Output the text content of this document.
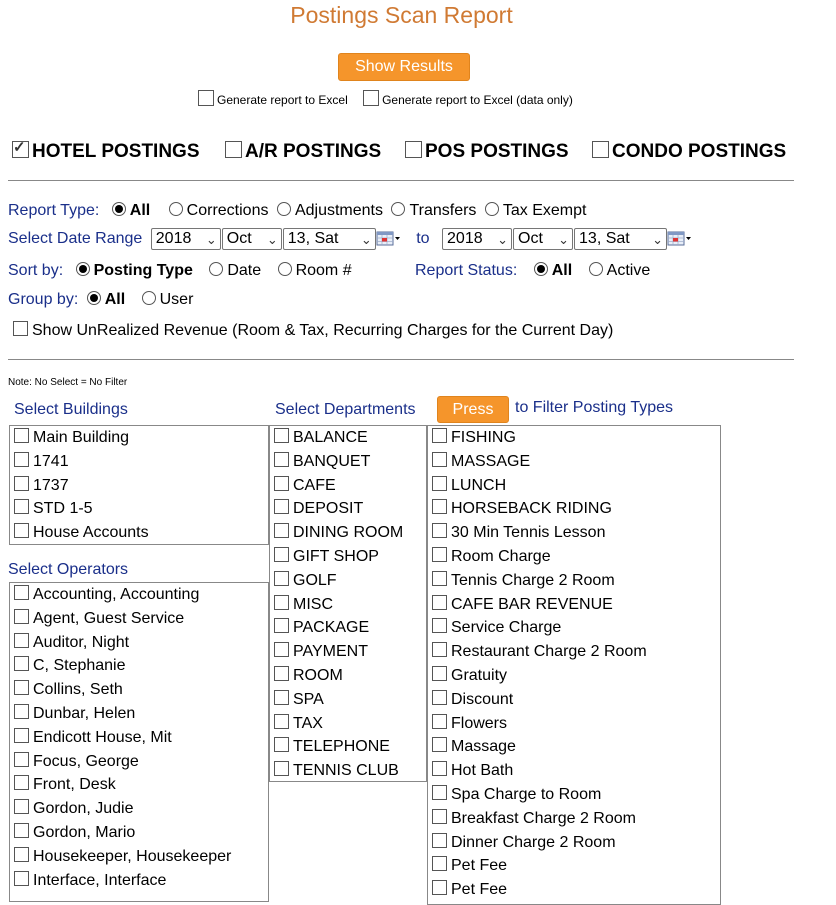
Postings Scan Report
Show Results
Generate report to Excel	Generate report to Excel (data only)
✓HOTEL POSTINGS	A/R POSTINGS	POS POSTINGS	CONDO POSTINGS
Report Type: All Corrections Adjustments Transfers Tax Exempt
Select Date Range 2018 ⌄ Oct ⌄ 13, Sat ⌄	to 2018 ⌄ Oct ⌄ 13, Sat ⌄
Sort by: Posting Type Date Room #	Report Status: All Active
Group by: All User
Show UnRealized Revenue (Room & Tax, Recurring Charges for the Current Day)
Note: No Select = No Filter
Select Buildings
Main Building
1741
1737
STD 1-5
House Accounts
Select Operators
Accounting, Accounting
Agent, Guest Service
Auditor, Night
C, Stephanie
Collins, Seth
Dunbar, Helen
Endicott House, Mit
Focus, George
Front, Desk
Gordon, Judie
Gordon, Mario
Housekeeper, Housekeeper
Interface, Interface
Select Departments
BALANCE
BANQUET
CAFE
DEPOSIT
DINING ROOM
GIFT SHOP
GOLF
MISC
PACKAGE
PAYMENT
ROOM
SPA
TAX
TELEPHONE
TENNIS CLUB
Press	to Filter Posting Types
FISHING
MASSAGE
LUNCH
HORSEBACK RIDING
30 Min Tennis Lesson
Room Charge
Tennis Charge 2 Room
CAFE BAR REVENUE
Service Charge
Restaurant Charge 2 Room
Gratuity
Discount
Flowers
Massage
Hot Bath
Spa Charge to Room
Breakfast Charge 2 Room
Dinner Charge 2 Room
Pet Fee
Pet Fee
